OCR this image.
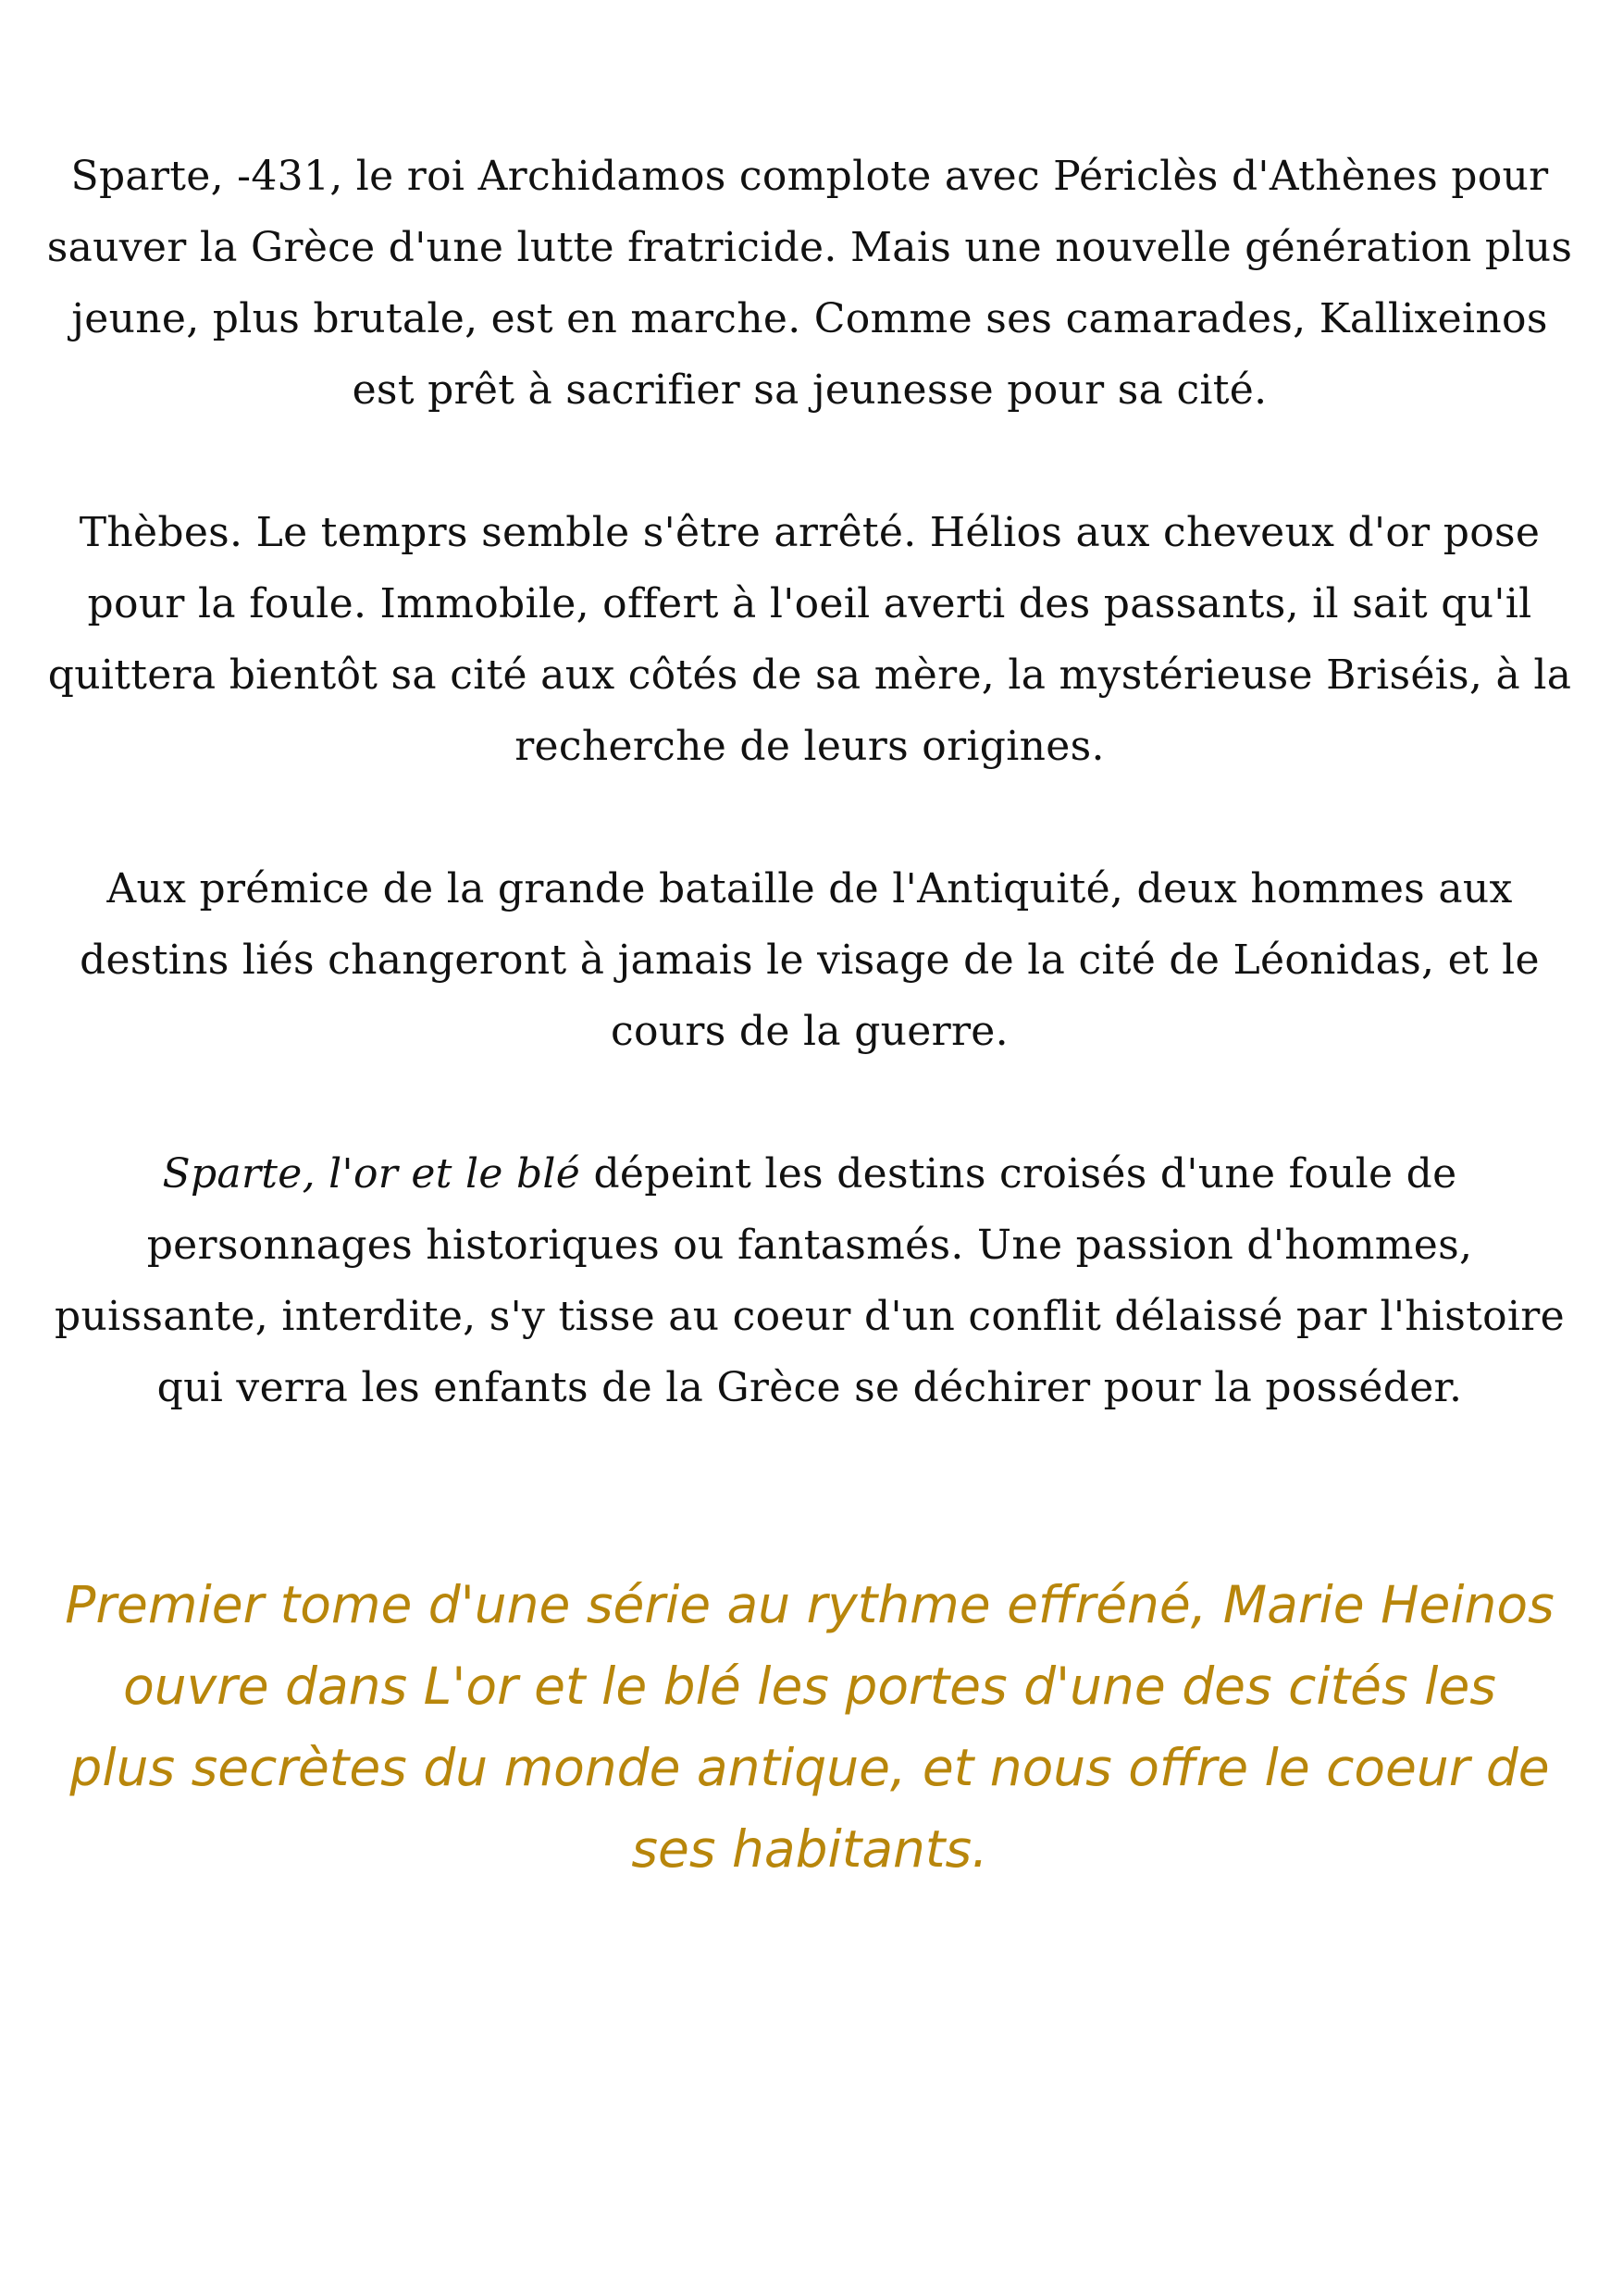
Sparte, -431, le roi Archidamos complote avec Périclès d'Athènes pour sauver la Grèce d'une lutte fratricide. Mais une nouvelle génération plus jeune, plus brutale, est en marche. Comme ses camarades, Kallixeinos est prêt à sacrifier sa jeunesse pour sa cité.

Thèbes. Le temprs semble s'être arrêté. Hélios aux cheveux d'or pose pour la foule. Immobile, offert à l'oeil averti des passants, il sait qu'il quittera bientôt sa cité aux côtés de sa mère, la mystérieuse Briséis, à la recherche de leurs origines.

Aux prémice de la grande bataille de l'Antiquité, deux hommes aux destins liés changeront à jamais le visage de la cité de Léonidas, et le cours de la guerre.

Sparte, l'or et le blé dépeint les destins croisés d'une foule de personnages historiques ou fantasmés. Une passion d'hommes, puissante, interdite, s'y tisse au coeur d'un conflit délaissé par l'histoire qui verra les enfants de la Grèce se déchirer pour la posséder.

Premier tome d'une série au rythme effréné, Marie Heinos ouvre dans L'or et le blé les portes d'une des cités les plus secrètes du monde antique, et nous offre le coeur de ses habitants.
